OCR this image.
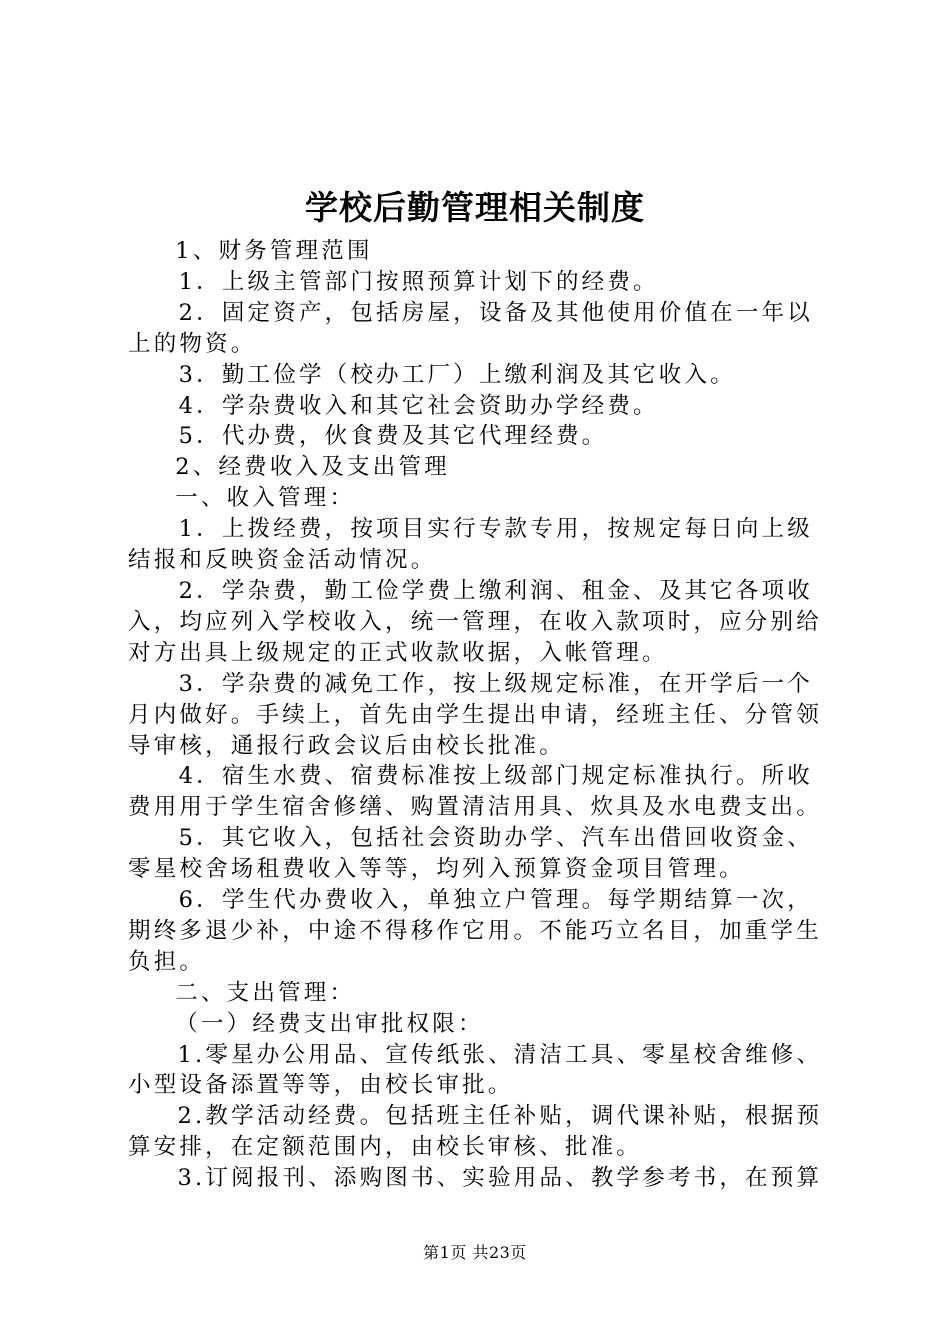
学校后勤管理相关制度

1、财务管理范围

1．上级主管部门按照预算计划下的经费。

2．固定资产，包括房屋，设备及其他使用价值在一年以上的物资。

3．勤工俭学（校办工厂）上缴利润及其它收入。

4．学杂费收入和其它社会资助办学经费。

5．代办费，伙食费及其它代理经费。

2、经费收入及支出管理

一、收入管理：

1．上拨经费，按项目实行专款专用，按规定每日向上级结报和反映资金活动情况。

2．学杂费，勤工俭学费上缴利润、租金、及其它各项收入，均应列入学校收入，统一管理，在收入款项时，应分别给对方出具上级规定的正式收款收据，入帐管理。

3．学杂费的减免工作，按上级规定标准，在开学后一个月内做好。手续上，首先由学生提出申请，经班主任、分管领导审核，通报行政会议后由校长批准。

4．宿生水费、宿费标准按上级部门规定标准执行。所收费用用于学生宿舍修缮、购置清洁用具、炊具及水电费支出。

5．其它收入，包括社会资助办学、汽车出借回收资金、零星校舍场租费收入等等，均列入预算资金项目管理。

6．学生代办费收入，单独立户管理。每学期结算一次，期终多退少补，中途不得移作它用。不能巧立名目，加重学生负担。

二、支出管理：

（一）经费支出审批权限：

1.零星办公用品、宣传纸张、清洁工具、零星校舍维修、小型设备添置等等，由校长审批。

2.教学活动经费。包括班主任补贴，调代课补贴，根据预算安排，在定额范围内，由校长审核、批准。

3.订阅报刊、添购图书、实验用品、教学参考书，在预算

第1页 共23页
